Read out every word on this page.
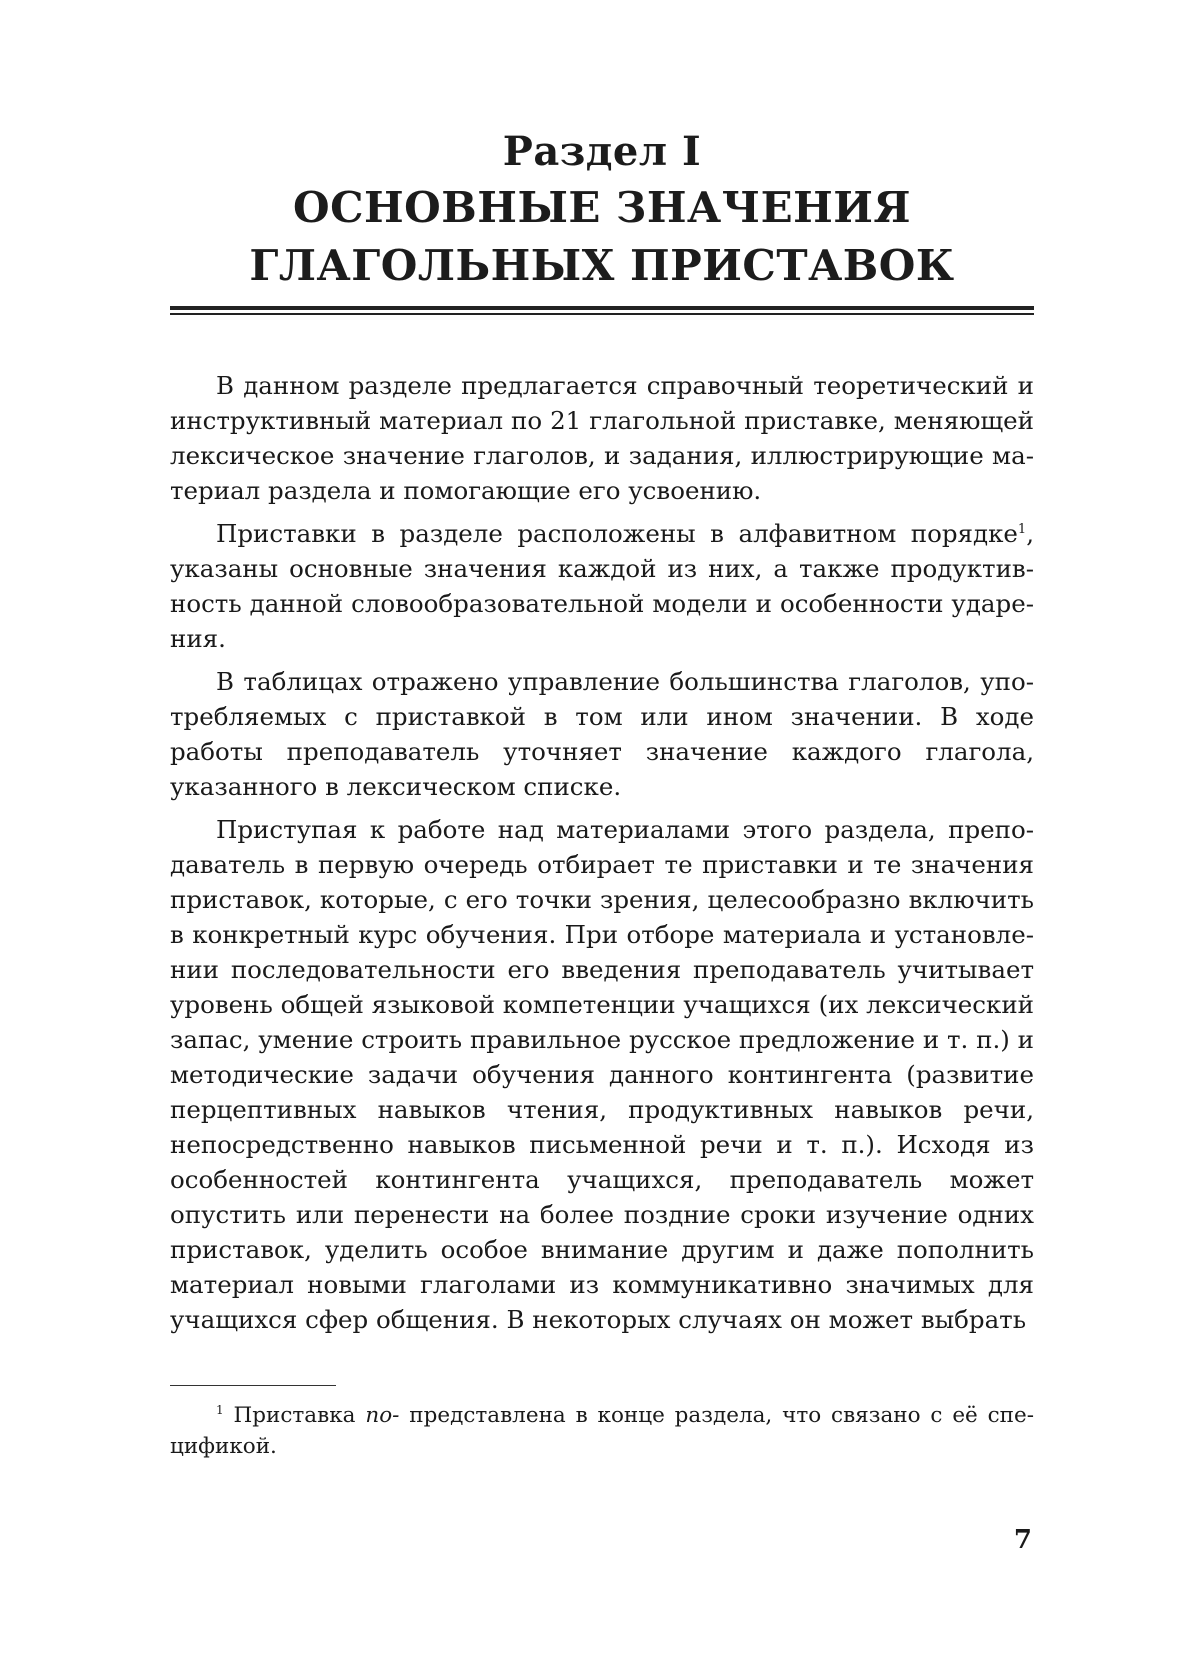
Раздел I
ОСНОВНЫЕ ЗНАЧЕНИЯ
ГЛАГОЛЬНЫХ ПРИСТАВОК

В данном разделе предлагается справочный теоретический и инструктивный материал по 21 глагольной приставке, меняющей лексическое значение глаголов, и задания, иллюстрирующие материал раздела и помогающие его усвоению.

Приставки в разделе расположены в алфавитном порядке$^1$, указаны основные значения каждой из них, а также продуктивность данной словообразовательной модели и особенности ударения.

В таблицах отражено управление большинства глаголов, употребляемых с приставкой в том или ином значении. В ходе работы преподаватель уточняет значение каждого глагола, указанного в лексическом списке.

Приступая к работе над материалами этого раздела, преподаватель в первую очередь отбирает те приставки и те значения приставок, которые, с его точки зрения, целесообразно включить в конкретный курс обучения. При отборе материала и установлении последовательности его введения преподаватель учитывает уровень общей языковой компетенции учащихся (их лексический запас, умение строить правильное русское предложение и т. п.) и методические задачи обучения данного контингента (развитие перцептивных навыков чтения, продуктивных навыков речи, непосредственно навыков письменной речи и т. п.). Исходя из особенностей контингента учащихся, преподаватель может опустить или перенести на более поздние сроки изучение одних приставок, уделить особое внимание другим и даже пополнить материал новыми глаголами из коммуникативно значимых для учащихся сфер общения. В некоторых случаях он может выбрать

$^1$ Приставка по- представлена в конце раздела, что связано с её спецификой.
7
